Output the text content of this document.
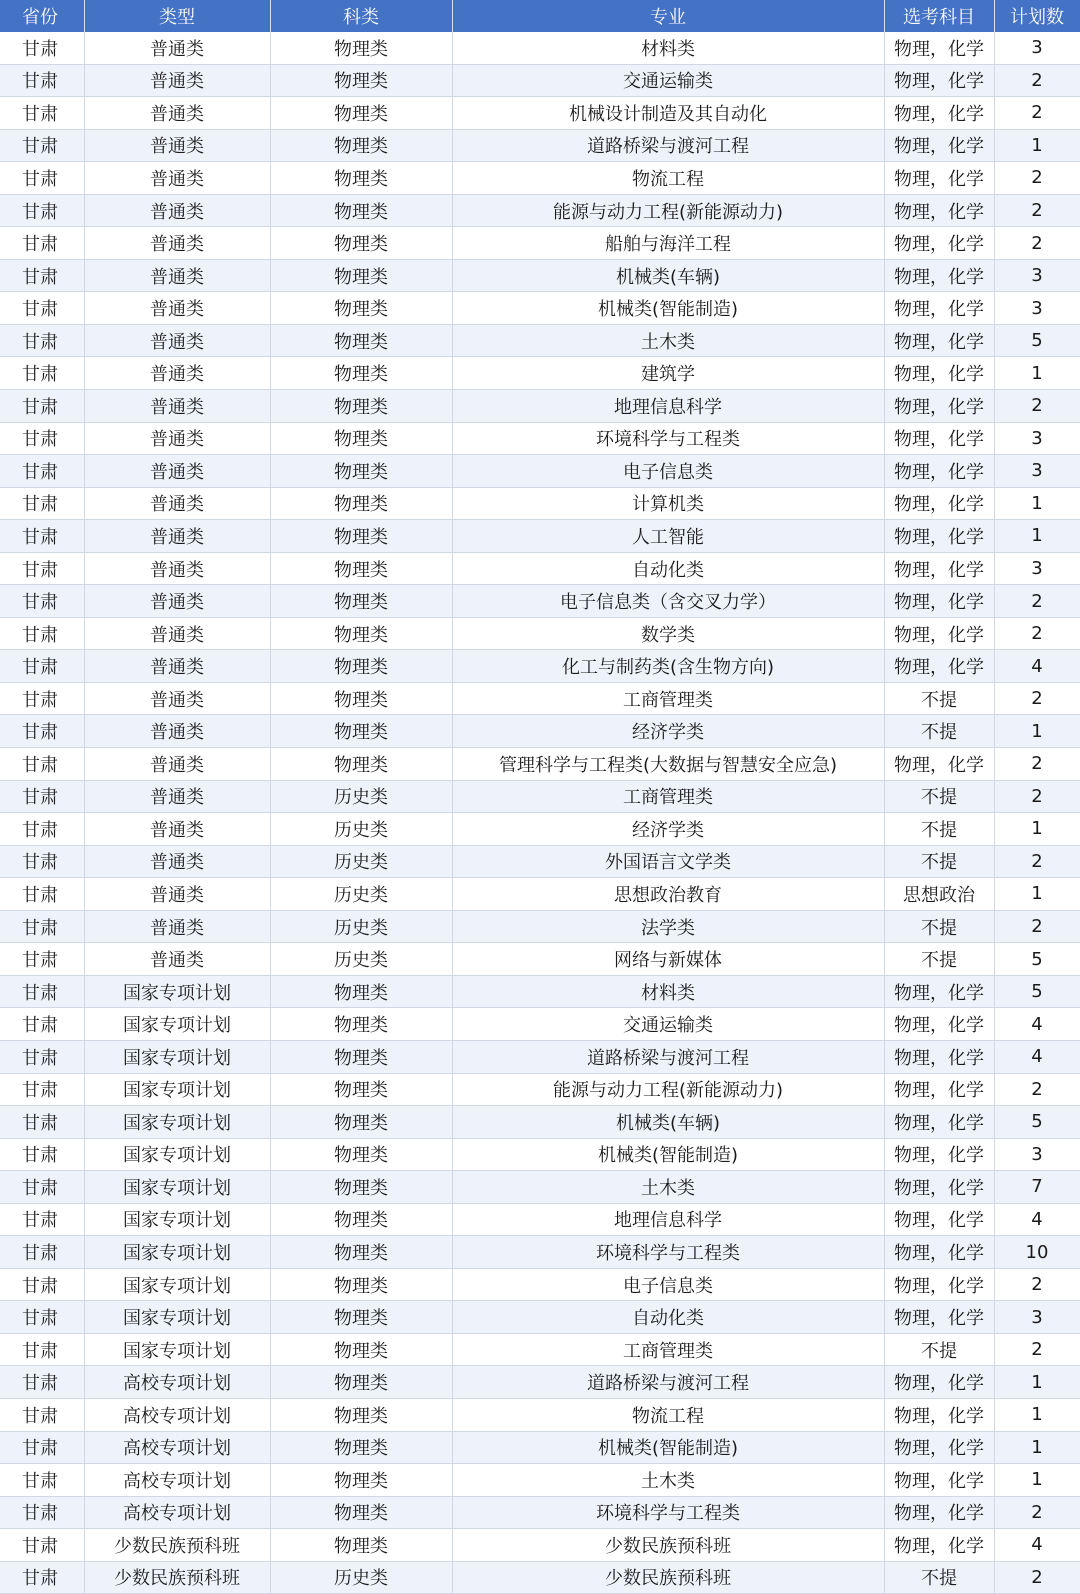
省份	类型	科类	专业	选考科目	计划数
甘肃	普通类	物理类	材料类	物理，化学	3
甘肃	普通类	物理类	交通运输类	物理，化学	2
甘肃	普通类	物理类	机械设计制造及其自动化	物理，化学	2
甘肃	普通类	物理类	道路桥梁与渡河工程	物理，化学	1
甘肃	普通类	物理类	物流工程	物理，化学	2
甘肃	普通类	物理类	能源与动力工程(新能源动力)	物理，化学	2
甘肃	普通类	物理类	船舶与海洋工程	物理，化学	2
甘肃	普通类	物理类	机械类(车辆)	物理，化学	3
甘肃	普通类	物理类	机械类(智能制造)	物理，化学	3
甘肃	普通类	物理类	土木类	物理，化学	5
甘肃	普通类	物理类	建筑学	物理，化学	1
甘肃	普通类	物理类	地理信息科学	物理，化学	2
甘肃	普通类	物理类	环境科学与工程类	物理，化学	3
甘肃	普通类	物理类	电子信息类	物理，化学	3
甘肃	普通类	物理类	计算机类	物理，化学	1
甘肃	普通类	物理类	人工智能	物理，化学	1
甘肃	普通类	物理类	自动化类	物理，化学	3
甘肃	普通类	物理类	电子信息类（含交叉力学）	物理，化学	2
甘肃	普通类	物理类	数学类	物理，化学	2
甘肃	普通类	物理类	化工与制药类(含生物方向)	物理，化学	4
甘肃	普通类	物理类	工商管理类	不提	2
甘肃	普通类	物理类	经济学类	不提	1
甘肃	普通类	物理类	管理科学与工程类(大数据与智慧安全应急)	物理，化学	2
甘肃	普通类	历史类	工商管理类	不提	2
甘肃	普通类	历史类	经济学类	不提	1
甘肃	普通类	历史类	外国语言文学类	不提	2
甘肃	普通类	历史类	思想政治教育	思想政治	1
甘肃	普通类	历史类	法学类	不提	2
甘肃	普通类	历史类	网络与新媒体	不提	5
甘肃	国家专项计划	物理类	材料类	物理，化学	5
甘肃	国家专项计划	物理类	交通运输类	物理，化学	4
甘肃	国家专项计划	物理类	道路桥梁与渡河工程	物理，化学	4
甘肃	国家专项计划	物理类	能源与动力工程(新能源动力)	物理，化学	2
甘肃	国家专项计划	物理类	机械类(车辆)	物理，化学	5
甘肃	国家专项计划	物理类	机械类(智能制造)	物理，化学	3
甘肃	国家专项计划	物理类	土木类	物理，化学	7
甘肃	国家专项计划	物理类	地理信息科学	物理，化学	4
甘肃	国家专项计划	物理类	环境科学与工程类	物理，化学	10
甘肃	国家专项计划	物理类	电子信息类	物理，化学	2
甘肃	国家专项计划	物理类	自动化类	物理，化学	3
甘肃	国家专项计划	物理类	工商管理类	不提	2
甘肃	高校专项计划	物理类	道路桥梁与渡河工程	物理，化学	1
甘肃	高校专项计划	物理类	物流工程	物理，化学	1
甘肃	高校专项计划	物理类	机械类(智能制造)	物理，化学	1
甘肃	高校专项计划	物理类	土木类	物理，化学	1
甘肃	高校专项计划	物理类	环境科学与工程类	物理，化学	2
甘肃	少数民族预科班	物理类	少数民族预科班	物理，化学	4
甘肃	少数民族预科班	历史类	少数民族预科班	不提	2
